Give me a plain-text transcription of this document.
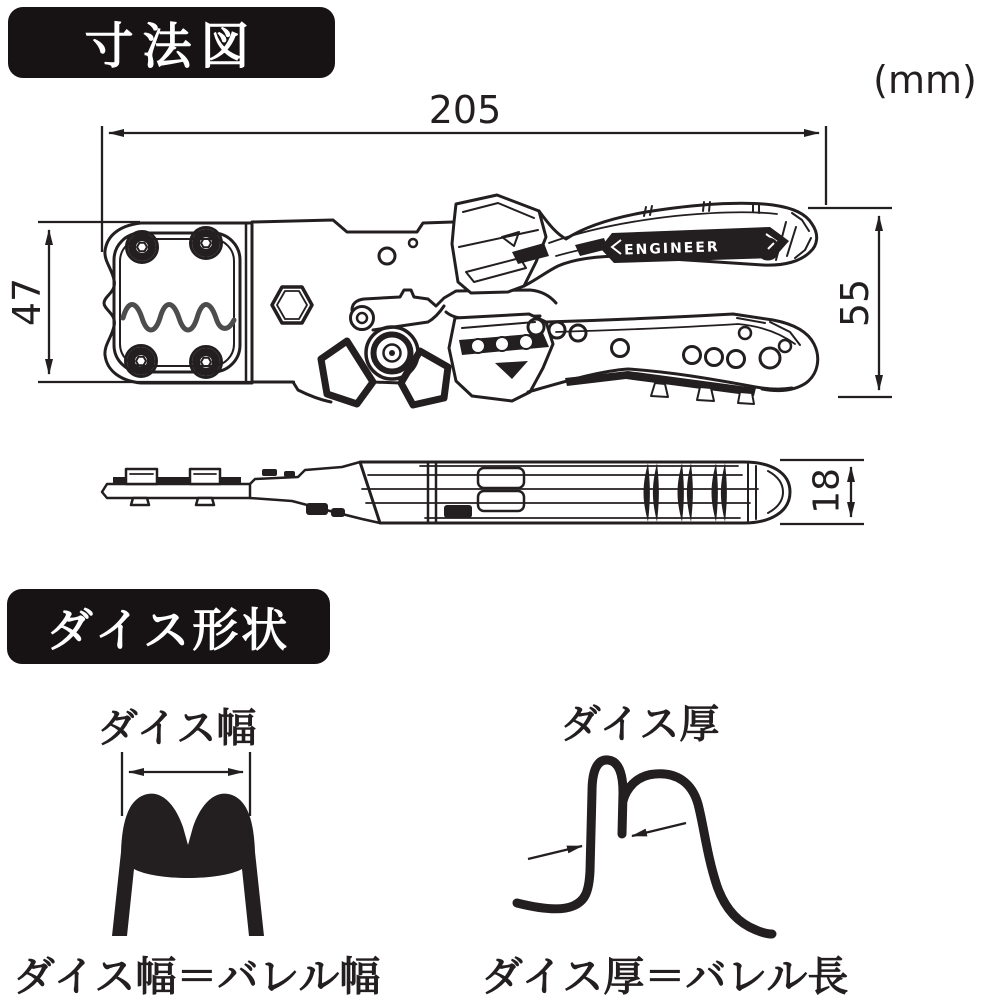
ENGINEER
寸法図
(mm)
205
47	55
18
ダイス形状
ダイス幅	ダイス厚
ダイス幅＝バレル幅 ダイス厚＝バレル長
